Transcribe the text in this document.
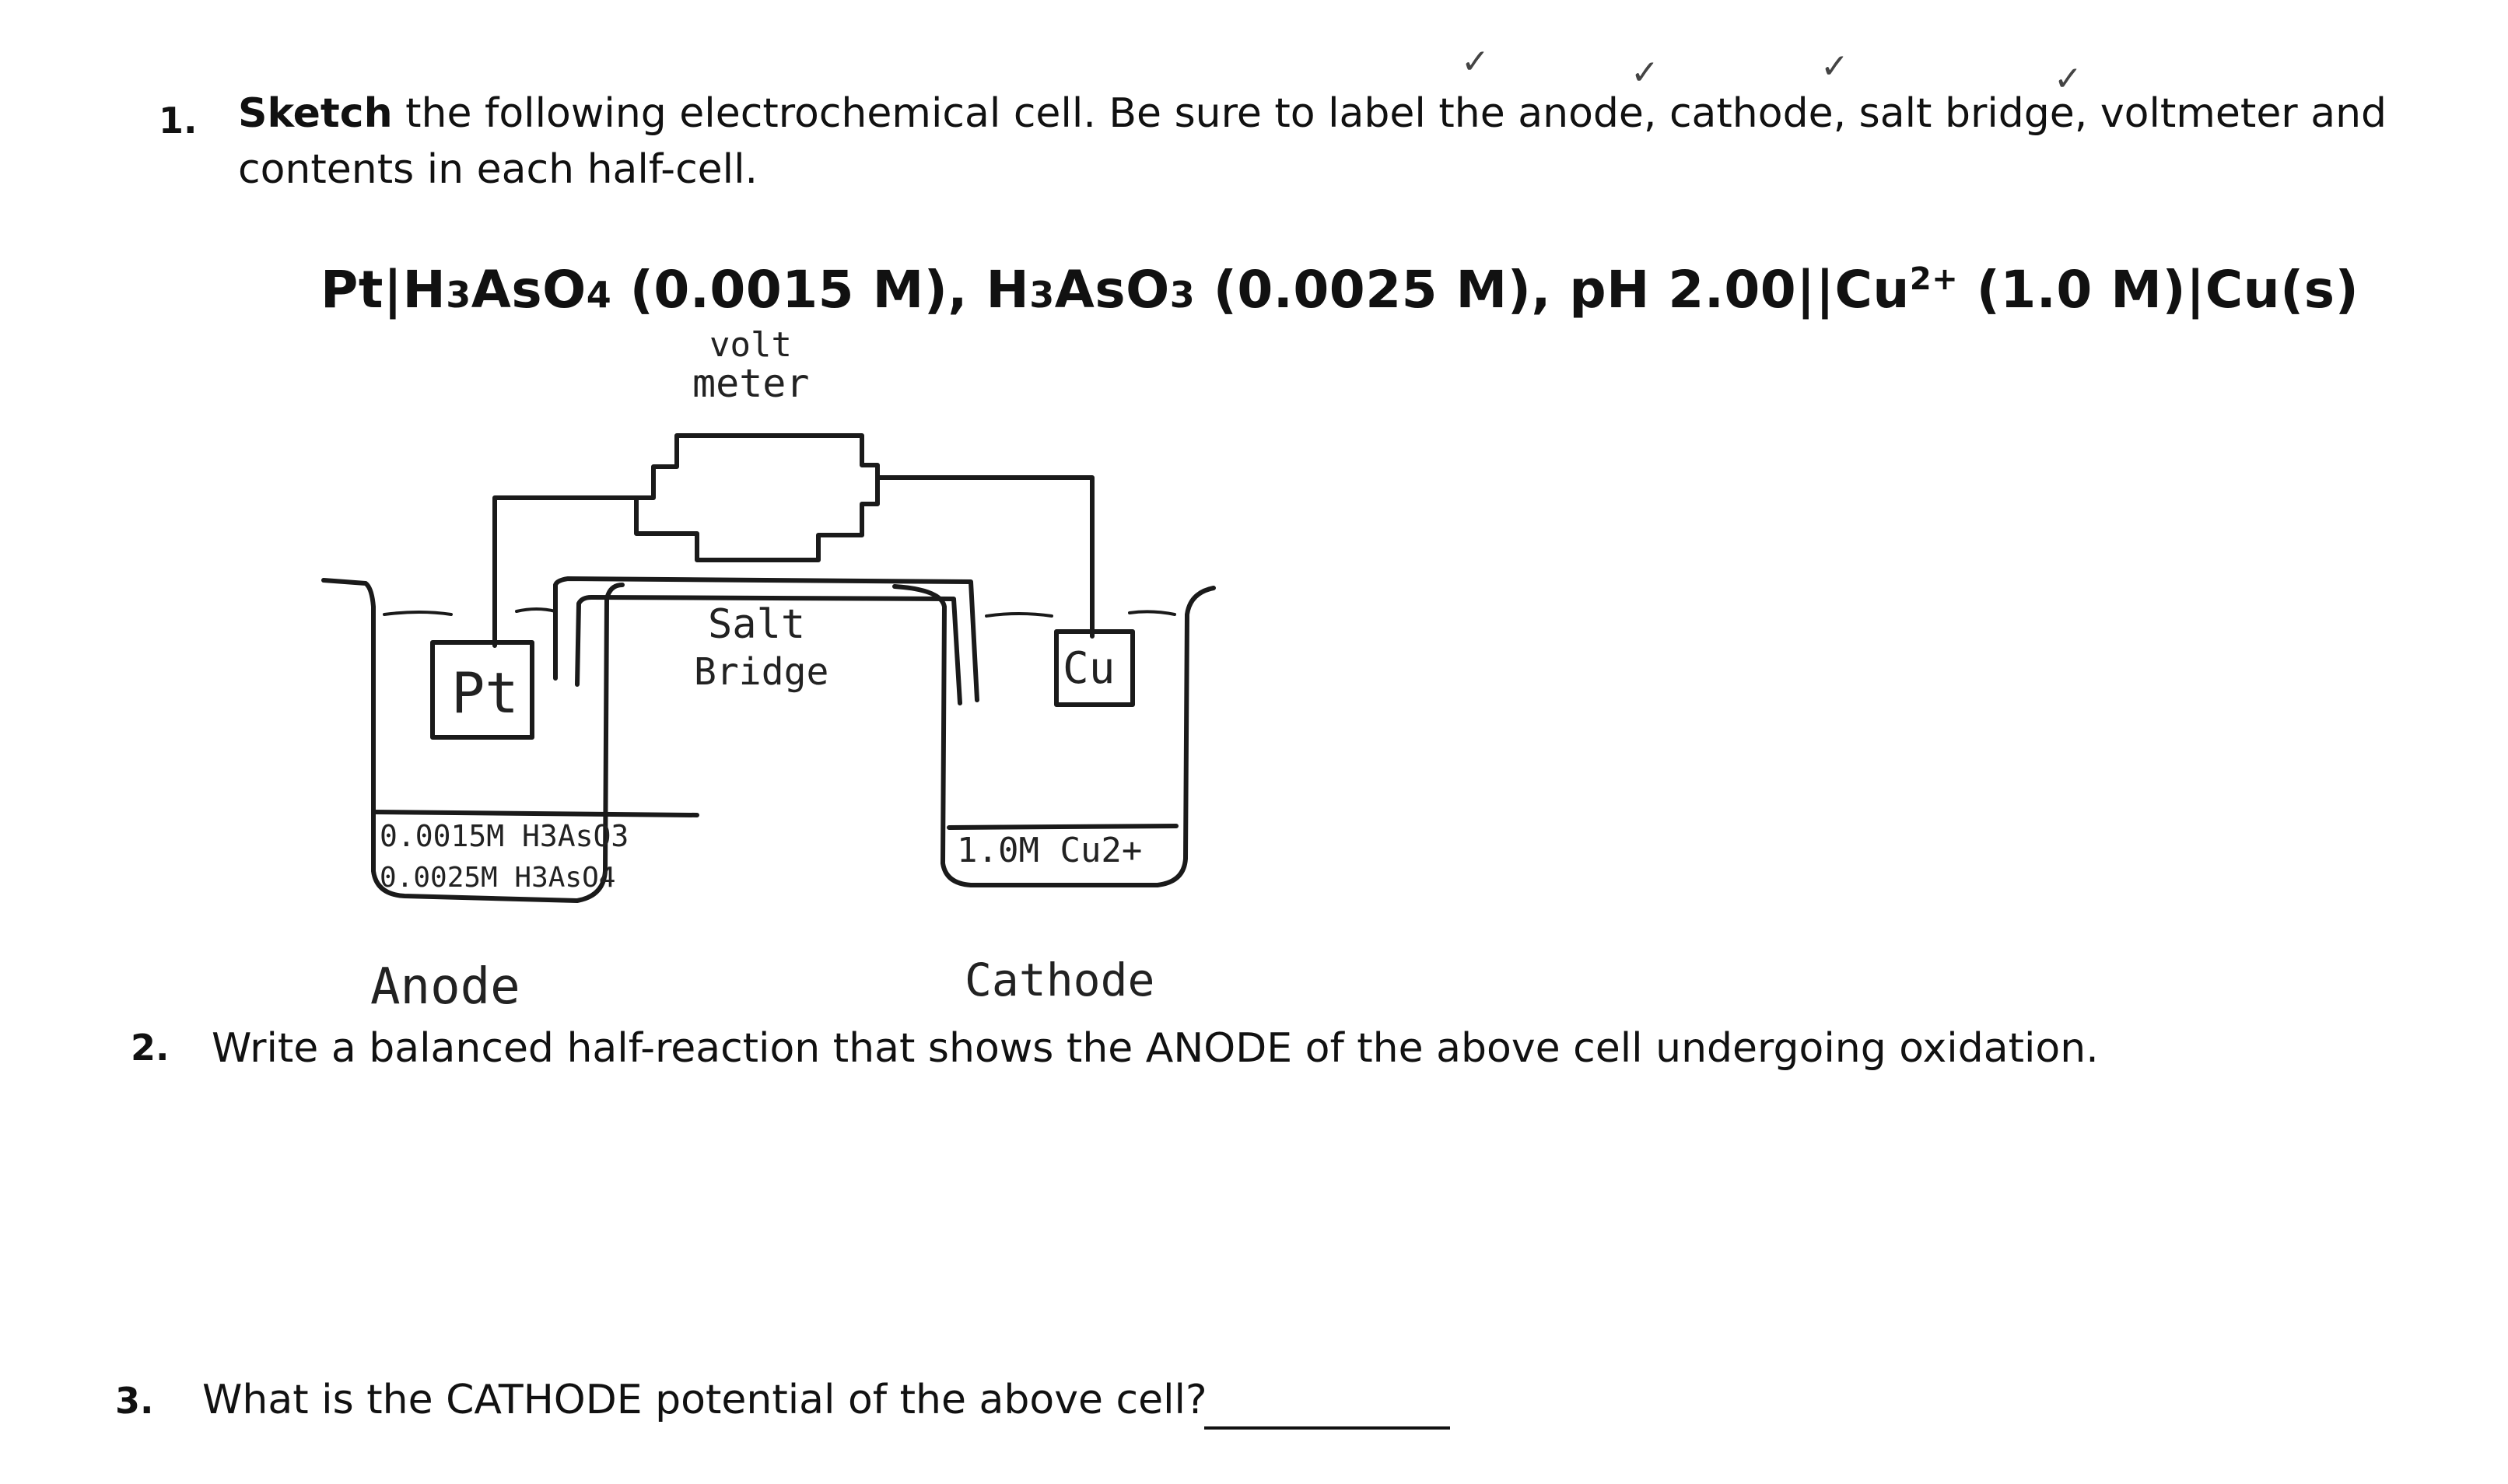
1. Sketch the following electrochemical cell. Be sure to label the anode, cathode, salt bridge, voltmeter and
contents in each half-cell.
Pt|H3AsO4 (0.0015 M), H3AsO3 (0.0025 M), pH $2.00||Cu^{2+}$ (1.0 M)|Cu(s)
✓	✓	✓	✓
volt
meter
Salt
Bridge
Pt	Cu
0.0015M H3AsO3
0.0025M H3AsO4
1.0M Cu2+
Anode	Cathode
2. Write a balanced half-reaction that shows the ANODE of the above cell undergoing oxidation.
3. What is the CATHODE potential of the above cell?
